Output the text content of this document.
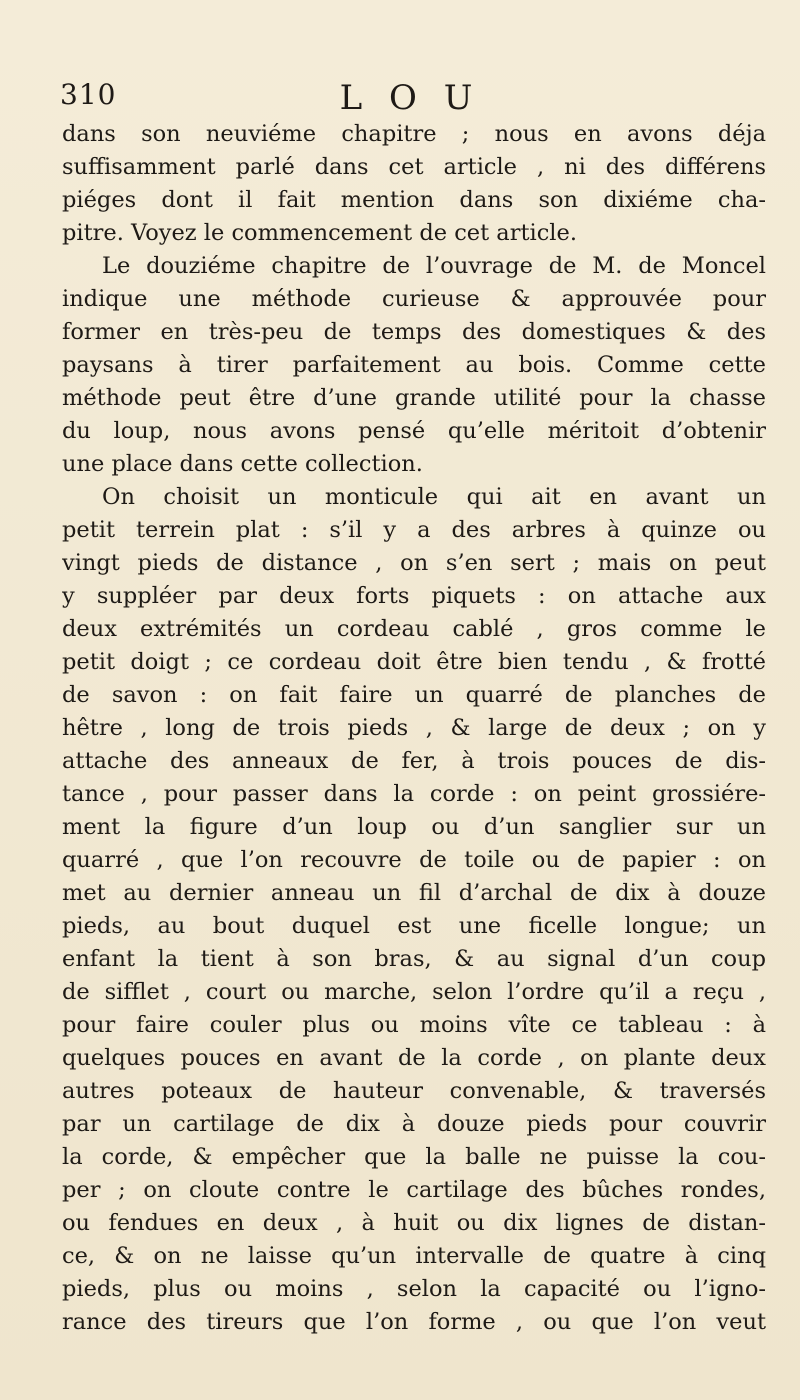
310	L O U
dans son neuviéme chapitre ; nous en avons déja
suffisamment parlé dans cet article , ni des différens
piéges dont il fait mention dans son dixiéme cha-
pitre. Voyez le commencement de cet article.
Le douziéme chapitre de l’ouvrage de M. de Moncel
indique une méthode curieuse & approuvée pour
former en très-peu de temps des domestiques & des
paysans à tirer parfaitement au bois. Comme cette
méthode peut être d’une grande utilité pour la chasse
du loup, nous avons pensé qu’elle méritoit d’obtenir
une place dans cette collection.
On choisit un monticule qui ait en avant un
petit terrein plat : s’il y a des arbres à quinze ou
vingt pieds de distance , on s’en sert ; mais on peut
y suppléer par deux forts piquets : on attache aux
deux extrémités un cordeau cablé , gros comme le
petit doigt ; ce cordeau doit être bien tendu , & frotté
de savon : on fait faire un quarré de planches de
hêtre , long de trois pieds , & large de deux ; on y
attache des anneaux de fer, à trois pouces de dis-
tance , pour passer dans la corde : on peint grossiére-
ment la figure d’un loup ou d’un sanglier sur un
quarré , que l’on recouvre de toile ou de papier : on
met au dernier anneau un fil d’archal de dix à douze
pieds, au bout duquel est une ficelle longue; un
enfant la tient à son bras, & au signal d’un coup
de sifflet , court ou marche, selon l’ordre qu’il a reçu ,
pour faire couler plus ou moins vîte ce tableau : à
quelques pouces en avant de la corde , on plante deux
autres poteaux de hauteur convenable, & traversés
par un cartilage de dix à douze pieds pour couvrir
la corde, & empêcher que la balle ne puisse la cou-
per ; on cloute contre le cartilage des bûches rondes,
ou fendues en deux , à huit ou dix lignes de distan-
ce, & on ne laisse qu’un intervalle de quatre à cinq
pieds, plus ou moins , selon la capacité ou l’igno-
rance des tireurs que l’on forme , ou que l’on veut
